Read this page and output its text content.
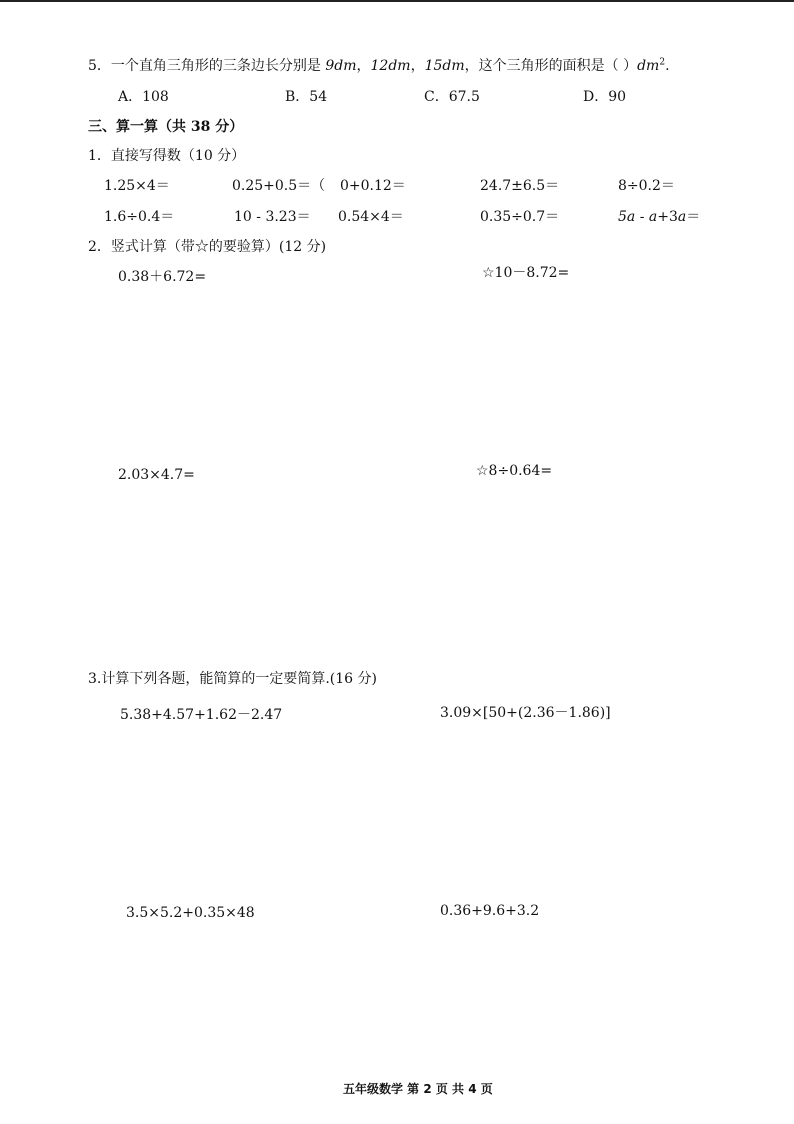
5．一个直角三角形的三条边长分别是 9dm，12dm，15dm，这个三角形的面积是（ ）$dm^2$.
A．108	B．54	C．67.5	D．90
三、算一算（共 38 分）
1．直接写得数（10 分）
1.25×4＝	0.25+0.5＝（ 0+0.12＝	24.7±6.5＝	8÷0.2＝
1.6÷0.4＝	10 - 3.23＝ 0.54×4＝	0.35÷0.7＝	5a - a+3a＝
2．竖式计算（带☆的要验算）(12 分)
0.38＋6.72=	☆10－8.72=
2.03×4.7=	☆8÷0.64=
3.计算下列各题，能简算的一定要简算.(16 分)
5.38+4.57+1.62－2.47	3.09×[50+(2.36－1.86)]
3.5×5.2+0.35×48	0.36+9.6+3.2
五年级数学 第 2 页 共 4 页
